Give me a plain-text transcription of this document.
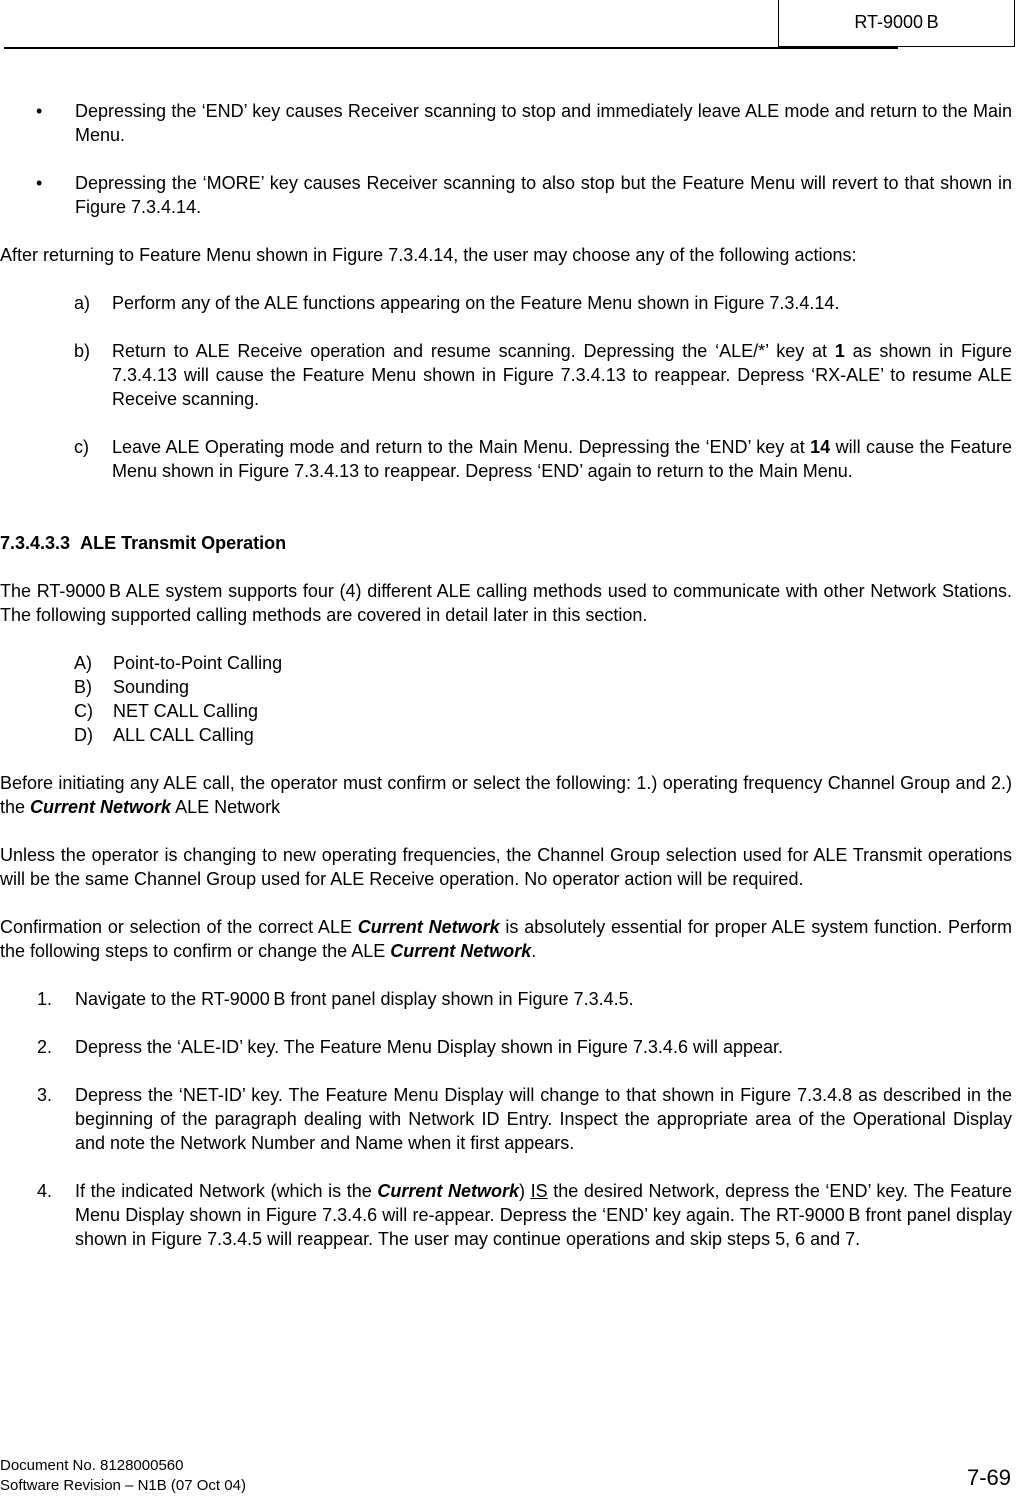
RT-9000 B
• Depressing the ‘END’ key causes Receiver scanning to stop and immediately leave ALE mode and return to the Main Menu.
• Depressing the ‘MORE’ key causes Receiver scanning to also stop but the Feature Menu will revert to that shown in Figure 7.3.4.14.

After returning to Feature Menu shown in Figure 7.3.4.14, the user may choose any of the following actions:

a) Perform any of the ALE functions appearing on the Feature Menu shown in Figure 7.3.4.14.
b) Return to ALE Receive operation and resume scanning. Depressing the ‘ALE/*’ key at 1 as shown in Figure 7.3.4.13 will cause the Feature Menu shown in Figure 7.3.4.13 to reappear. Depress ‘RX-ALE’ to resume ALE Receive scanning.
c) Leave ALE Operating mode and return to the Main Menu. Depressing the ‘END’ key at 14 will cause the Feature Menu shown in Figure 7.3.4.13 to reappear. Depress ‘END’ again to return to the Main Menu.

7.3.4.3.3 ALE Transmit Operation

The RT-9000 B ALE system supports four (4) different ALE calling methods used to communicate with other Network Stations. The following supported calling methods are covered in detail later in this section.

A) Point-to-Point Calling
B) Sounding
C) NET CALL Calling
D) ALL CALL Calling

Before initiating any ALE call, the operator must confirm or select the following: 1.) operating frequency Channel Group and 2.) the Current Network ALE Network

Unless the operator is changing to new operating frequencies, the Channel Group selection used for ALE Transmit operations will be the same Channel Group used for ALE Receive operation. No operator action will be required.

Confirmation or selection of the correct ALE Current Network is absolutely essential for proper ALE system function. Perform the following steps to confirm or change the ALE Current Network.

1. Navigate to the RT-9000 B front panel display shown in Figure 7.3.4.5.
2. Depress the ‘ALE-ID’ key. The Feature Menu Display shown in Figure 7.3.4.6 will appear.
3. Depress the ‘NET-ID’ key. The Feature Menu Display will change to that shown in Figure 7.3.4.8 as described in the beginning of the paragraph dealing with Network ID Entry. Inspect the appropriate area of the Operational Display and note the Network Number and Name when it first appears.
4. If the indicated Network (which is the Current Network) IS the desired Network, depress the ‘END’ key. The Feature Menu Display shown in Figure 7.3.4.6 will re-appear. Depress the ‘END’ key again. The RT-9000 B front panel display shown in Figure 7.3.4.5 will reappear. The user may continue operations and skip steps 5, 6 and 7.
Document No. 8128000560
Software Revision – N1B (07 Oct 04)	7-69
